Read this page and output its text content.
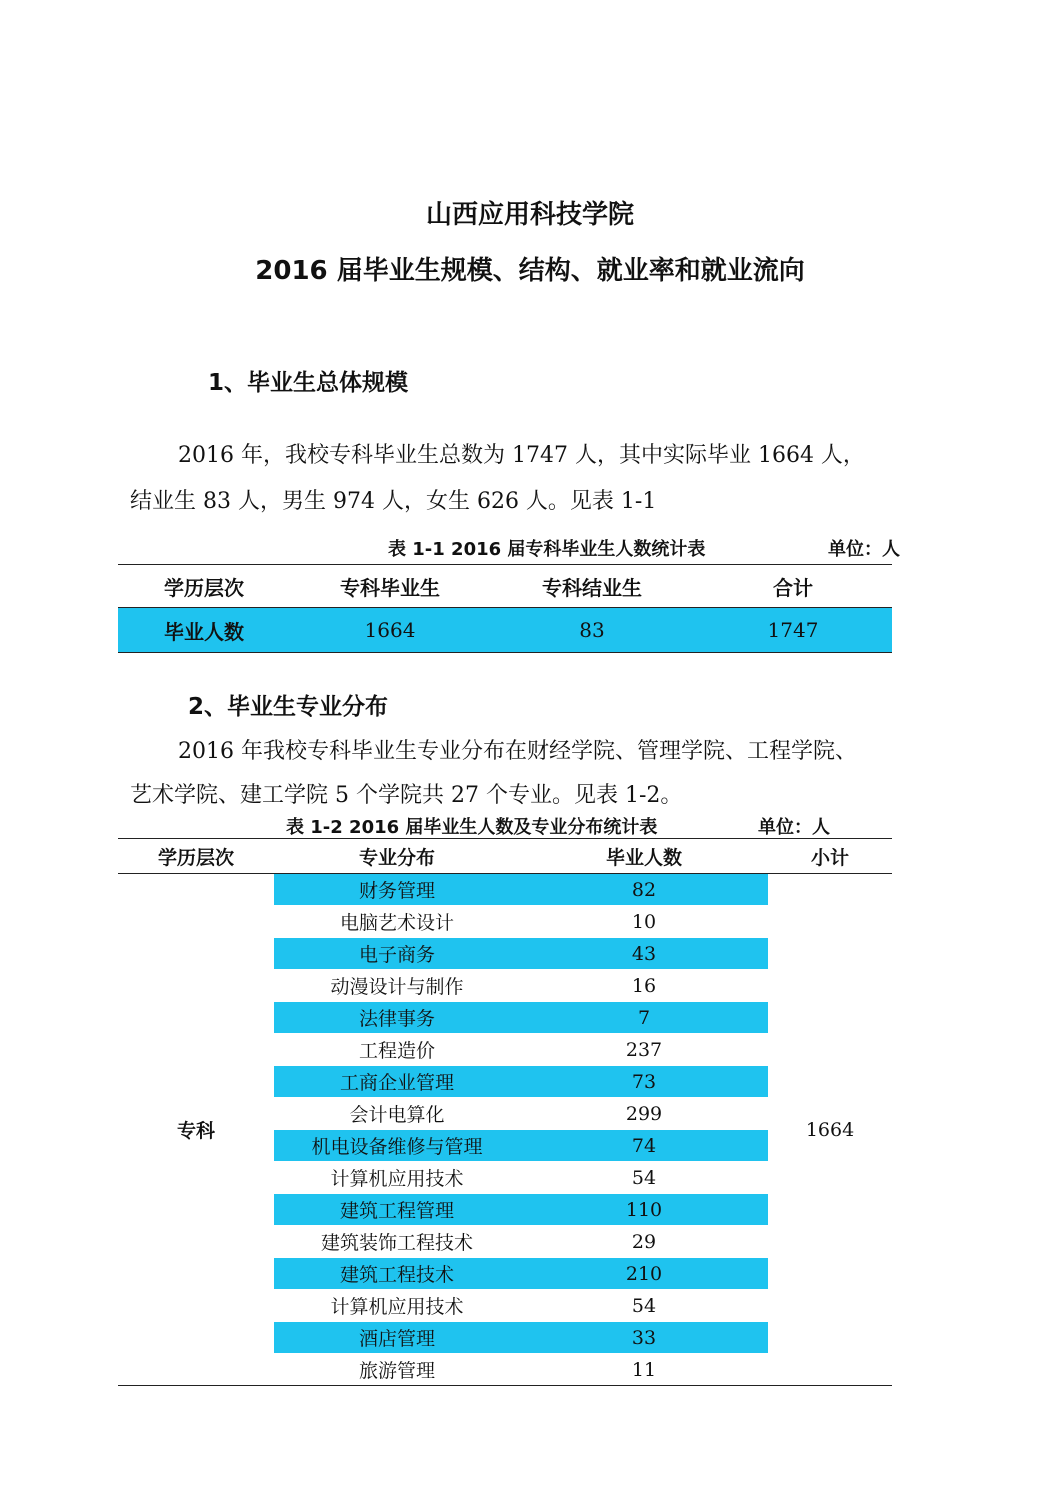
山西应用科技学院
2016 届毕业生规模、结构、就业率和就业流向
1、毕业生总体规模
2016 年，我校专科毕业生总数为 1747 人，其中实际毕业 1664 人，
结业生 83 人，男生 974 人，女生 626 人。见表 1-1
表 1-1 2016 届专科毕业生人数统计表	单位：人
学历层次	专科毕业生	专科结业生	合计
毕业人数	1664	83	1747
2、毕业生专业分布
2016 年我校专科毕业生专业分布在财经学院、管理学院、工程学院、
艺术学院、建工学院 5 个学院共 27 个专业。见表 1-2。
表 1-2 2016 届毕业生人数及专业分布统计表	单位：人
学历层次	专业分布	毕业人数	小计
专科	财务管理	82	1664
	电脑艺术设计	10	
	电子商务	43	
	动漫设计与制作	16	
	法律事务	7	
	工程造价	237	
	工商企业管理	73	
	会计电算化	299	
	机电设备维修与管理	74	
	计算机应用技术	54	
	建筑工程管理	110	
	建筑装饰工程技术	29	
	建筑工程技术	210	
	计算机应用技术	54	
	酒店管理	33	
	旅游管理	11	
